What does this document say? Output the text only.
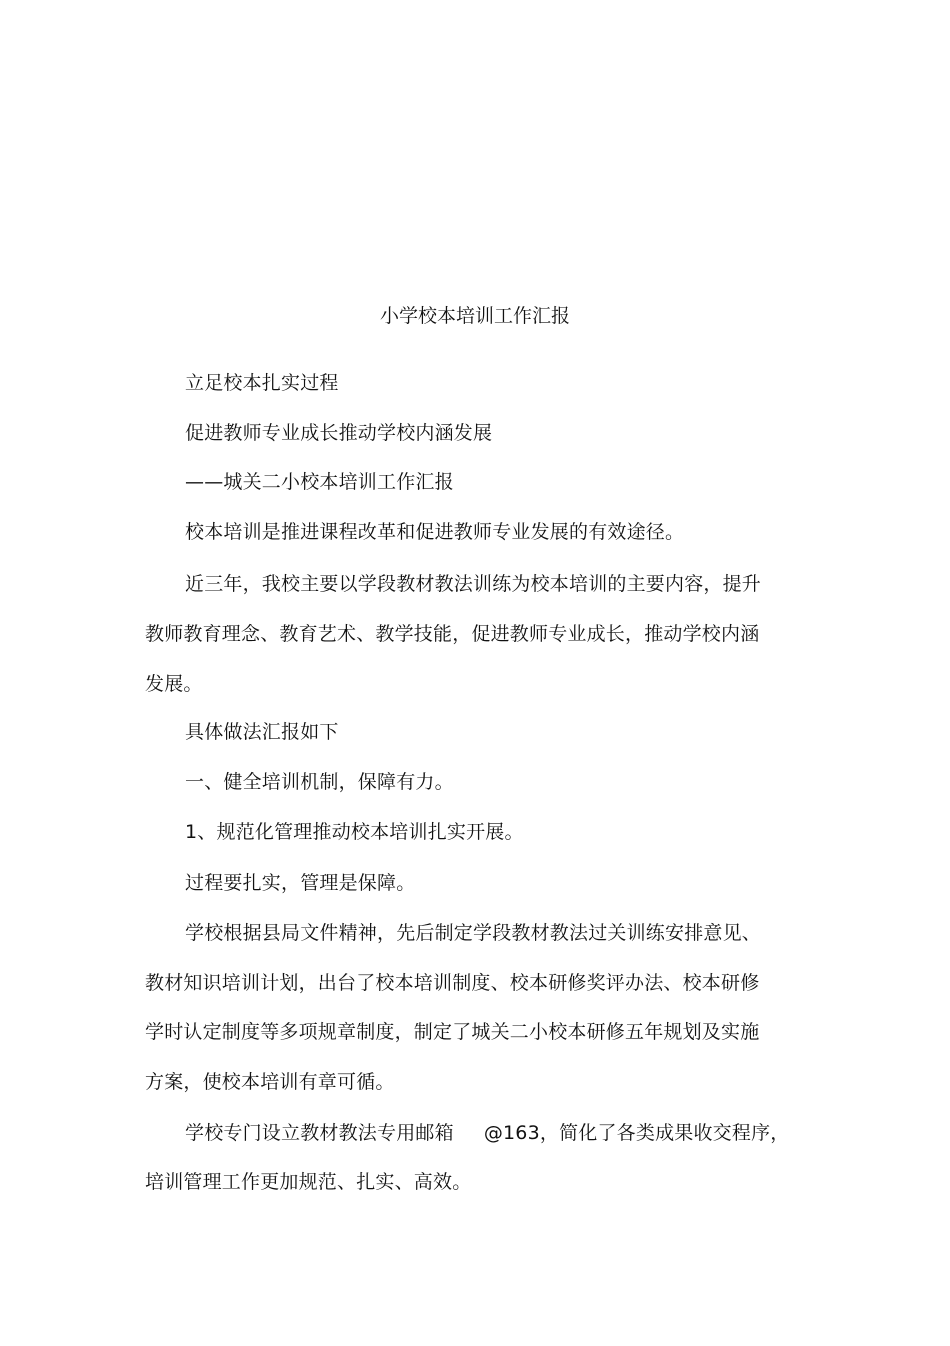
小学校本培训工作汇报
立足校本扎实过程
促进教师专业成长推动学校内涵发展
——城关二小校本培训工作汇报
校本培训是推进课程改革和促进教师专业发展的有效途径。
近三年，我校主要以学段教材教法训练为校本培训的主要内容，提升
教师教育理念、教育艺术、教学技能，促进教师专业成长，推动学校内涵
发展。
具体做法汇报如下
一、健全培训机制，保障有力。
1、规范化管理推动校本培训扎实开展。
过程要扎实，管理是保障。
学校根据县局文件精神，先后制定学段教材教法过关训练安排意见、
教材知识培训计划，出台了校本培训制度、校本研修奖评办法、校本研修
学时认定制度等多项规章制度，制定了城关二小校本研修五年规划及实施
方案，使校本培训有章可循。
学校专门设立教材教法专用邮箱 @163，简化了各类成果收交程序，
培训管理工作更加规范、扎实、高效。
